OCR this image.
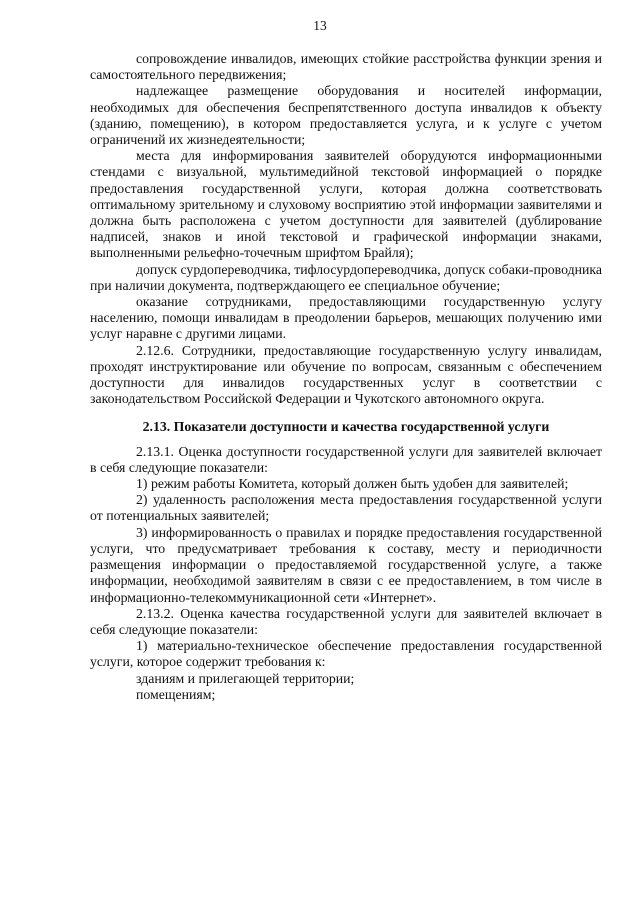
13

сопровождение инвалидов, имеющих стойкие расстройства функции зрения и самостоятельного передвижения;

надлежащее размещение оборудования и носителей информации, необходимых для обеспечения беспрепятственного доступа инвалидов к объекту (зданию, помещению), в котором предоставляется услуга, и к услуге с учетом ограничений их жизнедеятельности;

места для информирования заявителей оборудуются информационными стендами с визуальной, мультимедийной текстовой информацией о порядке предоставления государственной услуги, которая должна соответствовать оптимальному зрительному и слуховому восприятию этой информации заявителями и должна быть расположена с учетом доступности для заявителей (дублирование надписей, знаков и иной текстовой и графической информации знаками, выполненными рельефно-точечным шрифтом Брайля);

допуск сурдопереводчика, тифлосурдопереводчика, допуск собаки-проводника при наличии документа, подтверждающего ее специальное обучение;

оказание сотрудниками, предоставляющими государственную услугу населению, помощи инвалидам в преодолении барьеров, мешающих получению ими услуг наравне с другими лицами.

2.12.6. Сотрудники, предоставляющие государственную услугу инвалидам, проходят инструктирование или обучение по вопросам, связанным с обеспечением доступности для инвалидов государственных услуг в соответствии с законодательством Российской Федерации и Чукотского автономного округа.

2.13. Показатели доступности и качества государственной услуги

2.13.1. Оценка доступности государственной услуги для заявителей включает в себя следующие показатели:

1) режим работы Комитета, который должен быть удобен для заявителей;

2) удаленность расположения места предоставления государственной услуги от потенциальных заявителей;

3) информированность о правилах и порядке предоставления государственной услуги, что предусматривает требования к составу, месту и периодичности размещения информации о предоставляемой государственной услуге, а также информации, необходимой заявителям в связи с ее предоставлением, в том числе в информационно-телекоммуникационной сети «Интернет».

2.13.2. Оценка качества государственной услуги для заявителей включает в себя следующие показатели:

1) материально-техническое обеспечение предоставления государственной услуги, которое содержит требования к:

зданиям и прилегающей территории;

помещениям;
